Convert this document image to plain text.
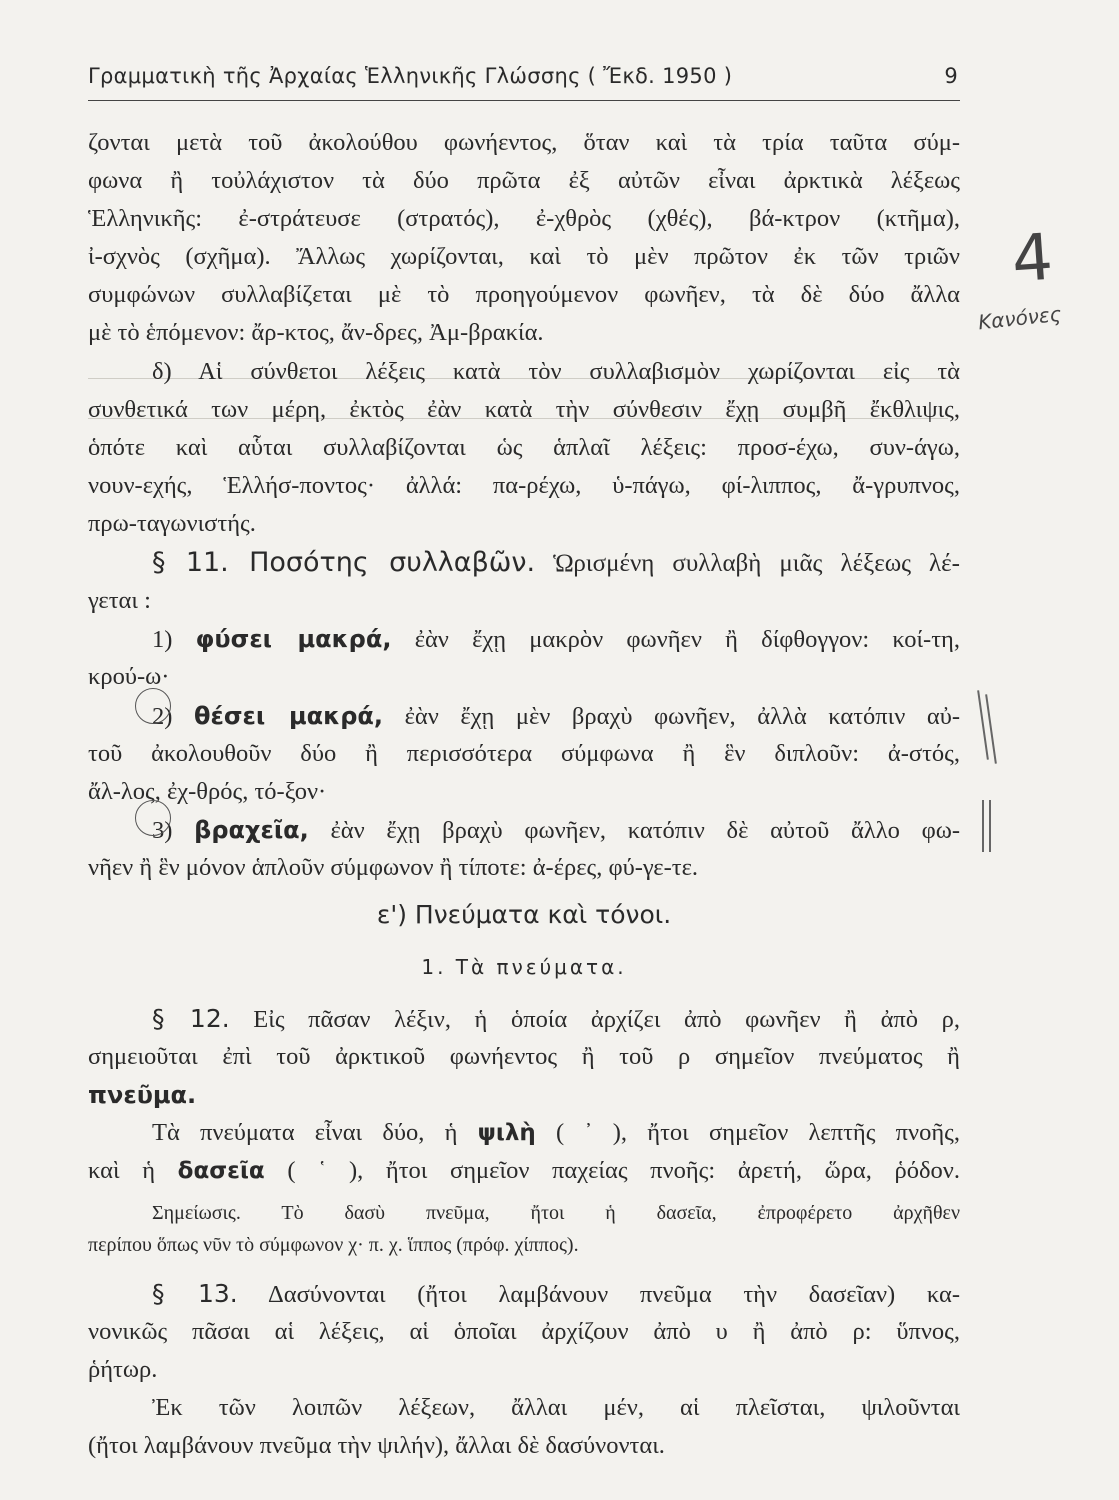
Γραμματικὴ τῆς Ἀρχαίας Ἑλληνικῆς Γλώσσης ( Ἔκδ. 1950 )	9
ζονται μετὰ τοῦ ἀκολούθου φωνήεντος, ὅταν καὶ τὰ τρία ταῦτα σύμ-
φωνα ἢ τοὐλάχιστον τὰ δύο πρῶτα ἐξ αὐτῶν εἶναι ἀρκτικὰ λέξεως
Ἑλληνικῆς: ἐ-στράτευσε (στρατός), ἐ-χθρὸς (χθές), βά-κτρον (κτῆμα),
ἰ-σχνὸς (σχῆμα). Ἄλλως χωρίζονται, καὶ τὸ μὲν πρῶτον ἐκ τῶν τριῶν
συμφώνων συλλαβίζεται μὲ τὸ προηγούμενον φωνῆεν, τὰ δὲ δύο ἄλλα
μὲ τὸ ἑπόμενον: ἄρ-κτος, ἄν-δρες, Ἀμ-βρακία.
δ) Αἱ σύνθετοι λέξεις κατὰ τὸν συλλαβισμὸν χωρίζονται εἰς τὰ
συνθετικά των μέρη, ἐκτὸς ἐὰν κατὰ τὴν σύνθεσιν ἔχῃ συμβῆ ἔκθλιψις,
ὁπότε καὶ αὗται συλλαβίζονται ὡς ἁπλαῖ λέξεις: προσ-έχω, συν-άγω,
νουν-εχής, Ἑλλήσ-ποντος· ἀλλά: πα-ρέχω, ὑ-πάγω, φί-λιππος, ἄ-γρυπνος,
πρω-ταγωνιστής.
§ 11. Ποσότης συλλαβῶν. Ὡρισμένη συλλαβὴ μιᾶς λέξεως λέ-
γεται :
1) φύσει μακρά, ἐὰν ἔχῃ μακρὸν φωνῆεν ἢ δίφθογγον: κοί-τη,
κρού-ω·
2) θέσει μακρά, ἐὰν ἔχῃ μὲν βραχὺ φωνῆεν, ἀλλὰ κατόπιν αὐ-
τοῦ ἀκολουθοῦν δύο ἢ περισσότερα σύμφωνα ἢ ἓν διπλοῦν: ἀ-στός,
ἄλ-λος, ἐχ-θρός, τό-ξον·
3) βραχεῖα, ἐὰν ἔχῃ βραχὺ φωνῆεν, κατόπιν δὲ αὐτοῦ ἄλλο φω-
νῆεν ἢ ἓν μόνον ἁπλοῦν σύμφωνον ἢ τίποτε: ἀ-έρες, φύ-γε-τε.
ε') Πνεύματα καὶ τόνοι.
1. Τὰ πνεύματα.
§ 12. Εἰς πᾶσαν λέξιν, ἡ ὁποία ἀρχίζει ἀπὸ φωνῆεν ἢ ἀπὸ ρ,
σημειοῦται ἐπὶ τοῦ ἀρκτικοῦ φωνήεντος ἢ τοῦ ρ σημεῖον πνεύματος ἢ
πνεῦμα.
Τὰ πνεύματα εἶναι δύο, ἡ ψιλὴ ( ᾿ ), ἤτοι σημεῖον λεπτῆς πνοῆς,
καὶ ἡ δασεῖα ( ῾ ), ἤτοι σημεῖον παχείας πνοῆς: ἀρετή, ὥρα, ῥόδον.
Σημείωσις. Τὸ δασὺ πνεῦμα, ἤτοι ἡ δασεῖα, ἐπροφέρετο ἀρχῆθεν
περίπου ὅπως νῦν τὸ σύμφωνον χ· π. χ. ἵππος (πρόφ. χίππος).
§ 13. Δασύνονται (ἤτοι λαμβάνουν πνεῦμα τὴν δασεῖαν) κα-
νονικῶς πᾶσαι αἱ λέξεις, αἱ ὁποῖαι ἀρχίζουν ἀπὸ υ ἢ ἀπὸ ρ: ὕπνος,
ῥήτωρ.
Ἐκ τῶν λοιπῶν λέξεων, ἄλλαι μέν, αἱ πλεῖσται, ψιλοῦνται
(ἤτοι λαμβάνουν πνεῦμα τὴν ψιλήν), ἄλλαι δὲ δασύνονται.
4
Κανόνες
